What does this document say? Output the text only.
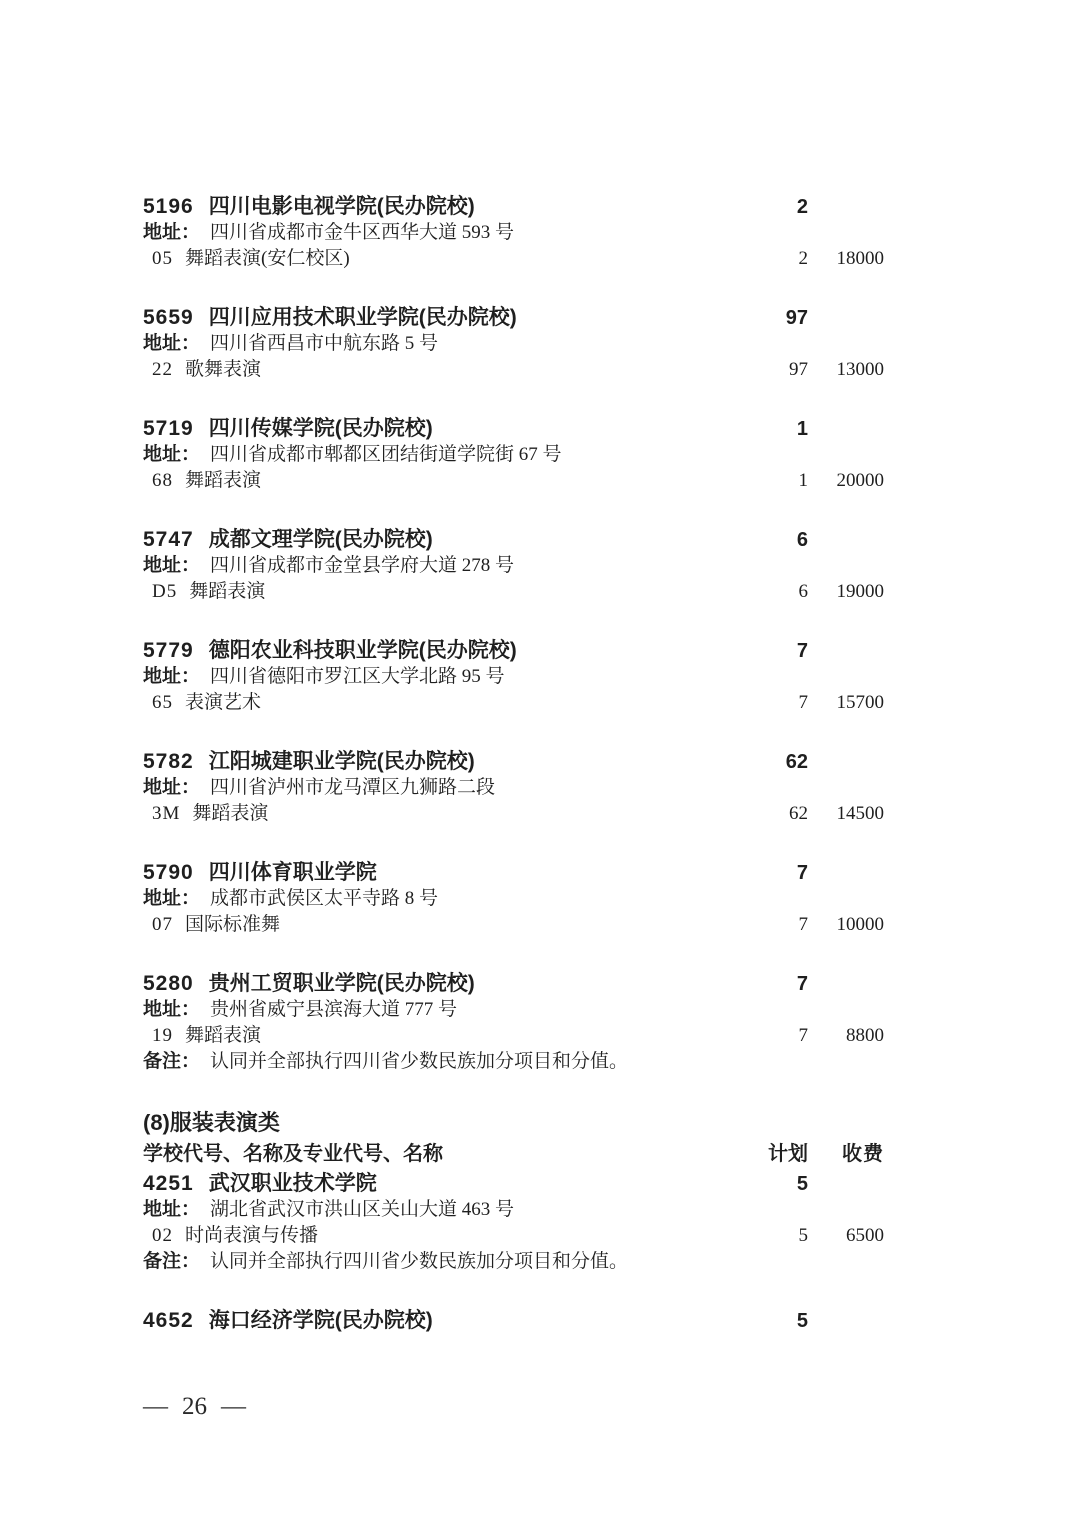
5196 四川电影电视学院(民办院校)	2
地址： 四川省成都市金牛区西华大道 593 号
05 舞蹈表演(安仁校区)	2	18000
5659 四川应用技术职业学院(民办院校)	97
地址： 四川省西昌市中航东路 5 号
22 歌舞表演	97	13000
5719 四川传媒学院(民办院校)	1
地址： 四川省成都市郫都区团结街道学院街 67 号
68 舞蹈表演	1	20000
5747 成都文理学院(民办院校)	6
地址： 四川省成都市金堂县学府大道 278 号
D5 舞蹈表演	6	19000
5779 德阳农业科技职业学院(民办院校)	7
地址： 四川省德阳市罗江区大学北路 95 号
65 表演艺术	7	15700
5782 江阳城建职业学院(民办院校)	62
地址： 四川省泸州市龙马潭区九狮路二段
3M 舞蹈表演	62	14500
5790 四川体育职业学院	7
地址： 成都市武侯区太平寺路 8 号
07 国际标准舞	7	10000
5280 贵州工贸职业学院(民办院校)	7
地址： 贵州省威宁县滨海大道 777 号
19 舞蹈表演	7	8800
备注： 认同并全部执行四川省少数民族加分项目和分值。
(8)服装表演类
学校代号、名称及专业代号、名称	计划	收费
4251 武汉职业技术学院	5
地址： 湖北省武汉市洪山区关山大道 463 号
02 时尚表演与传播	5	6500
备注： 认同并全部执行四川省少数民族加分项目和分值。
4652 海口经济学院(民办院校)	5
— 26 —
